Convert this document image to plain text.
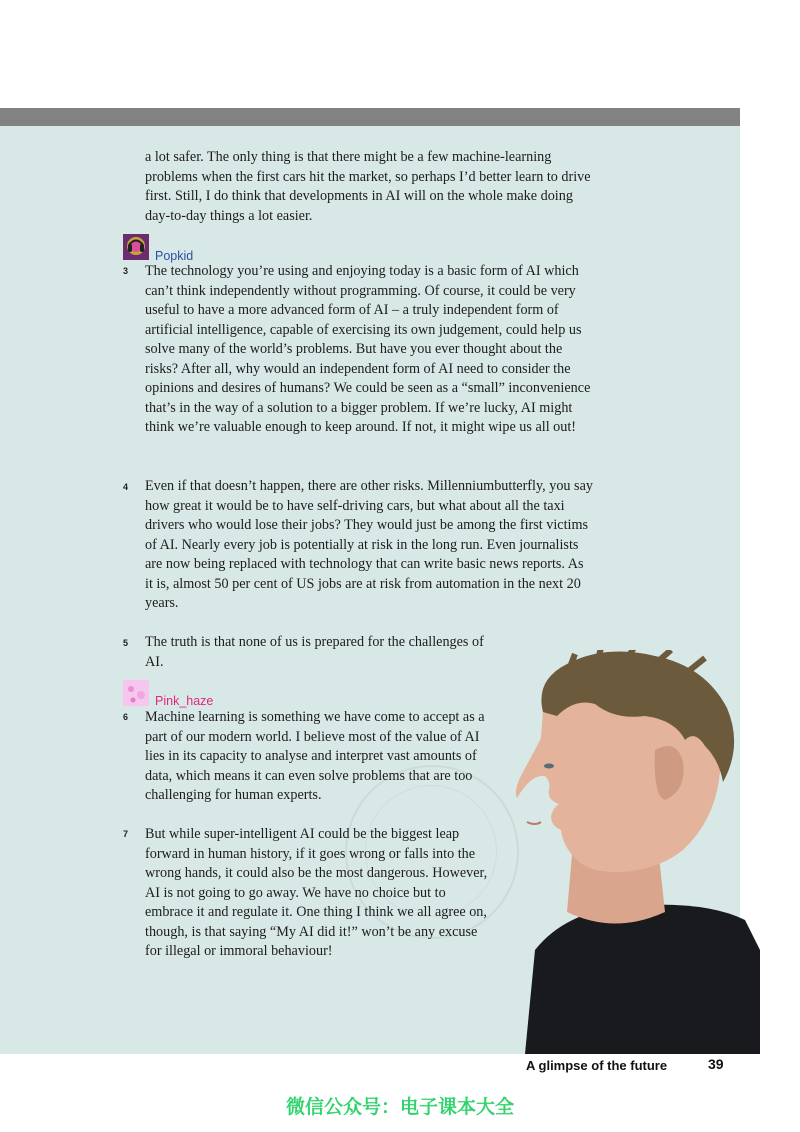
a lot safer. The only thing is that there might be a few machine-learning problems when the first cars hit the market, so perhaps I’d better learn to drive first. Still, I do think that developments in AI will on the whole make doing day-to-day things a lot easier.

Popkid
3 The technology you’re using and enjoying today is a basic form of AI which can’t think independently without programming. Of course, it could be very useful to have a more advanced form of AI – a truly independent form of artificial intelligence, capable of exercising its own judgement, could help us solve many of the world’s problems. But have you ever thought about the risks? After all, why would an independent form of AI need to consider the opinions and desires of humans? We could be seen as a “small” inconvenience that’s in the way of a solution to a bigger problem. If we’re lucky, AI might think we’re valuable enough to keep around. If not, it might wipe us all out!

4 Even if that doesn’t happen, there are other risks. Millenniumbutterfly, you say how great it would be to have self-driving cars, but what about all the taxi drivers who would lose their jobs? They would just be among the first victims of AI. Nearly every job is potentially at risk in the long run. Even journalists are now being replaced with technology that can write basic news reports. As it is, almost 50 per cent of US jobs are at risk from automation in the next 20 years.

5 The truth is that none of us is prepared for the challenges of AI.

Pink_haze
6 Machine learning is something we have come to accept as a part of our modern world. I believe most of the value of AI lies in its capacity to analyse and interpret vast amounts of data, which means it can even solve problems that are too challenging for human experts.

7 But while super-intelligent AI could be the biggest leap forward in human history, if it goes wrong or falls into the wrong hands, it could also be the most dangerous. However, AI is not going to go away. We have no choice but to embrace it and regulate it. One thing I think we all agree on, though, is that saying “My AI did it!” won’t be any excuse for illegal or immoral behaviour!

A glimpse of the future	39
微信公众号：电子课本大全
